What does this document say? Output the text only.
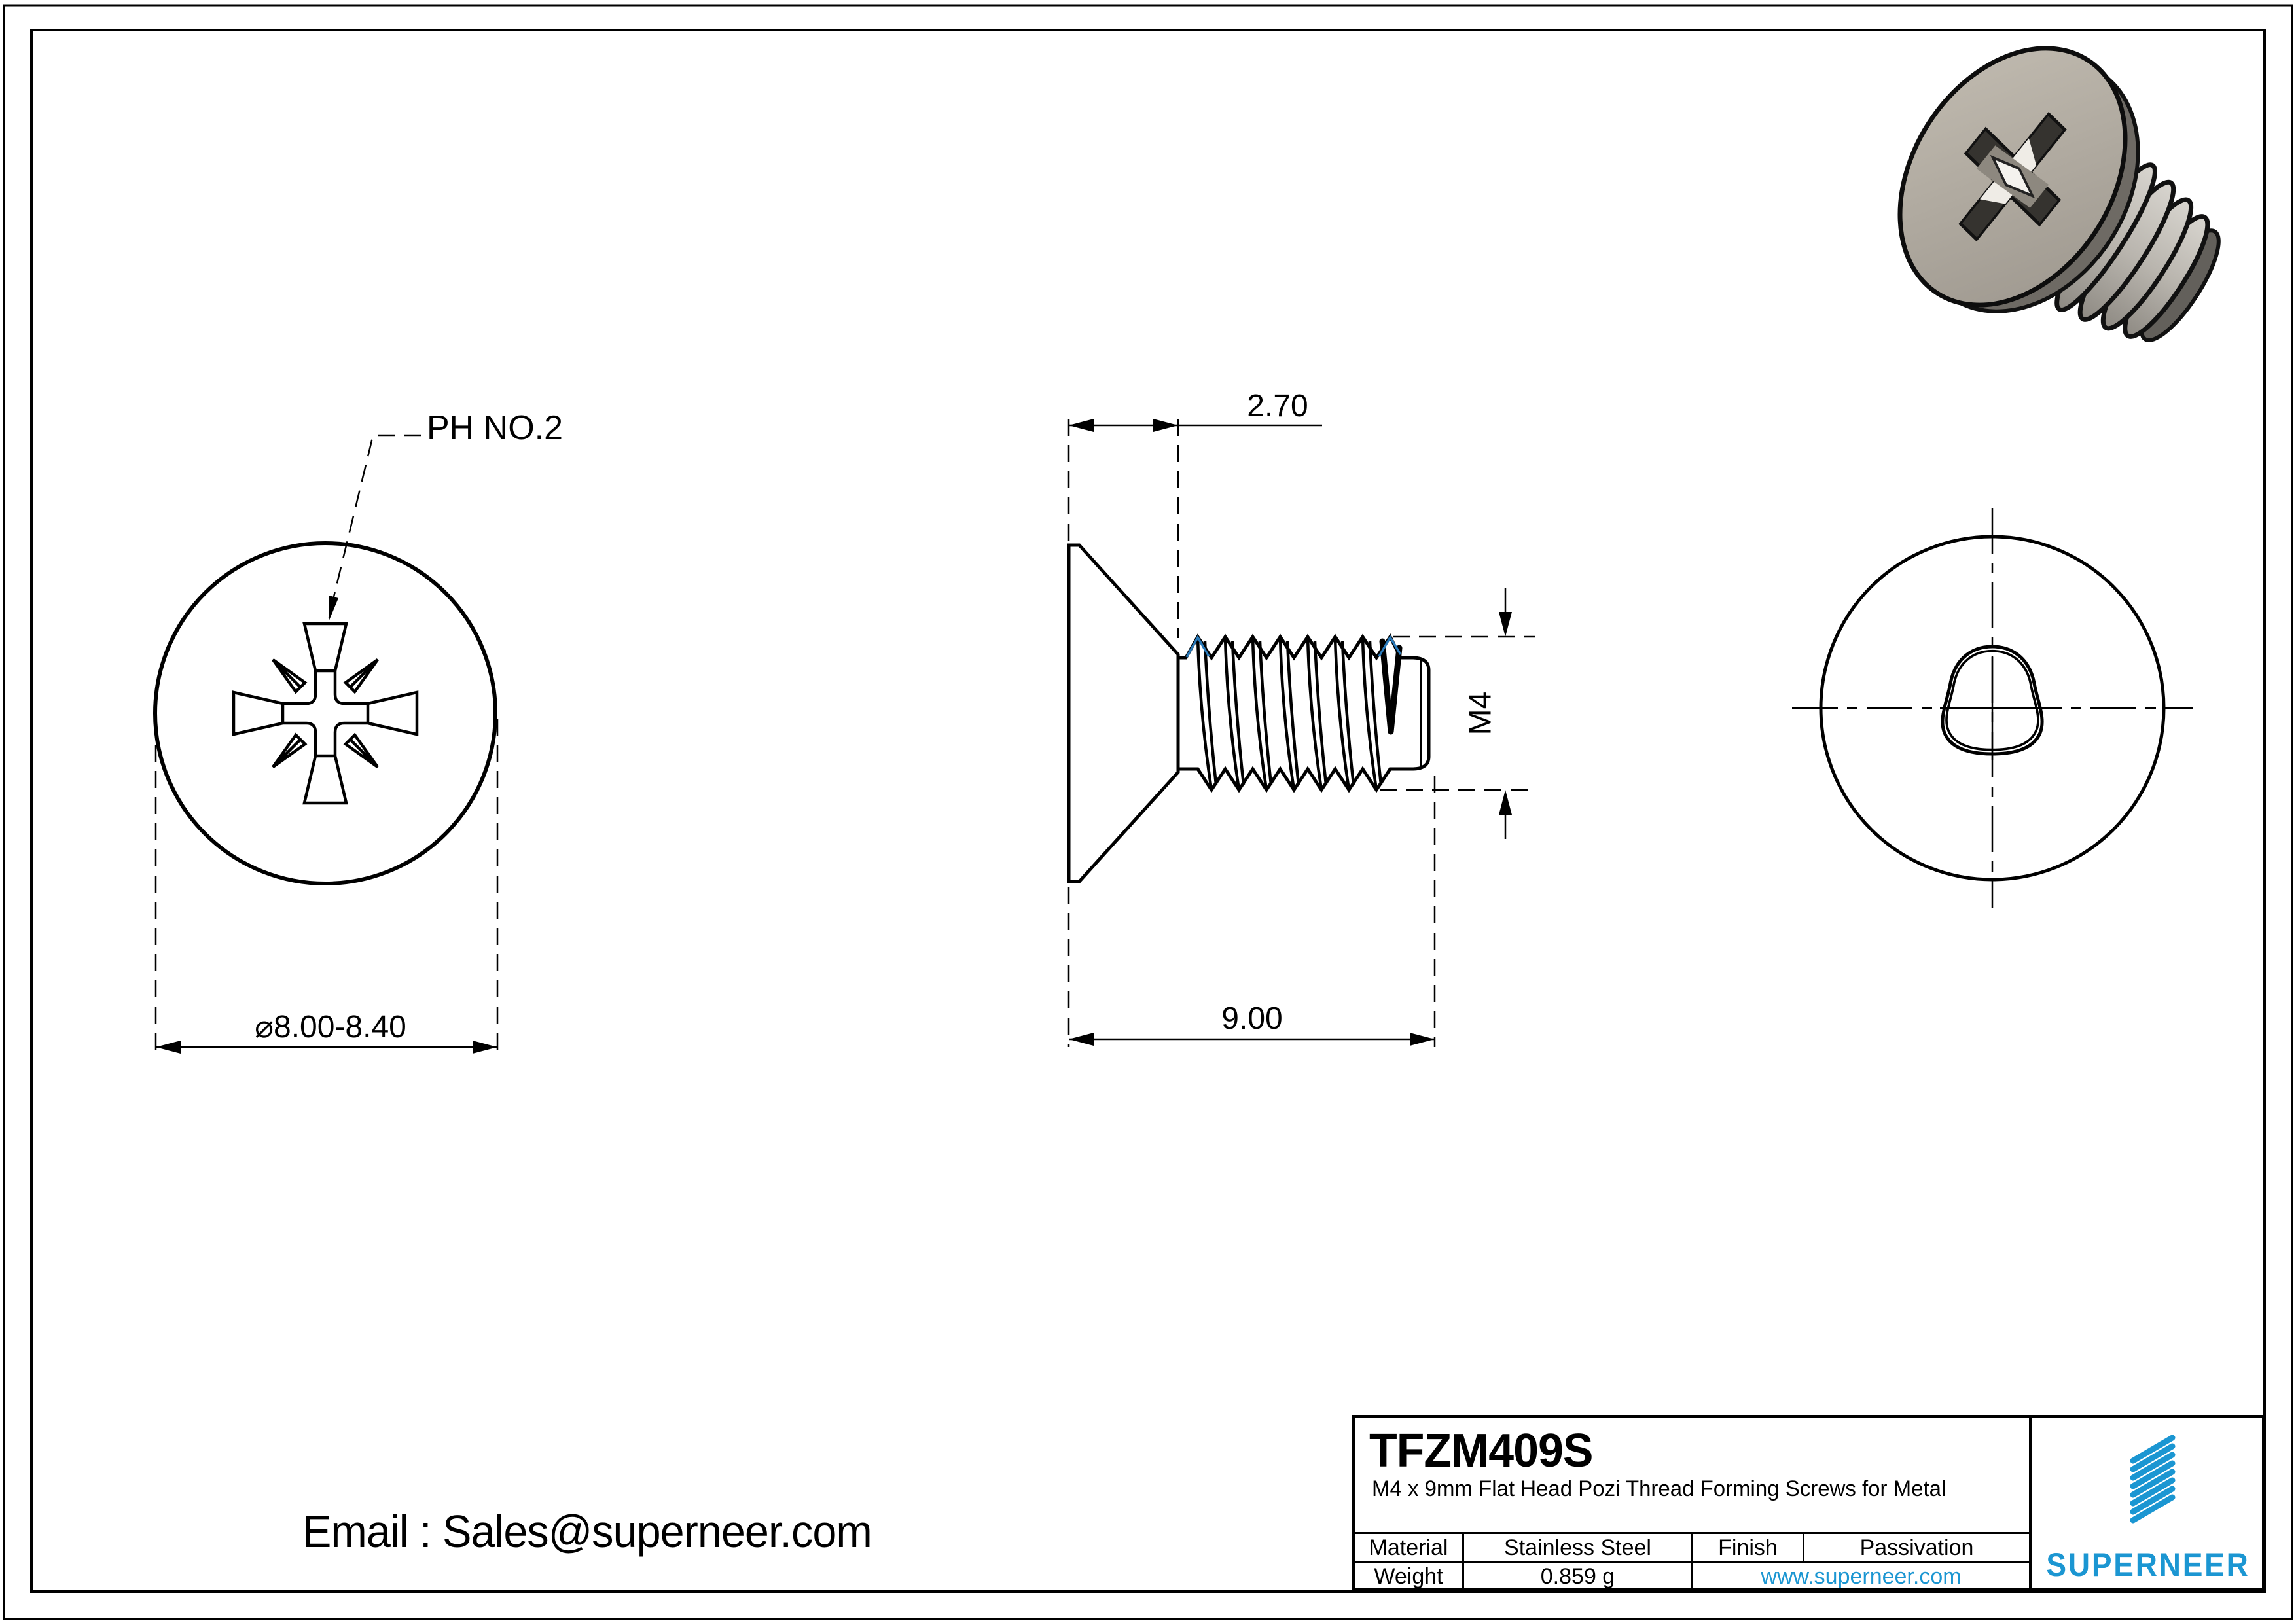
PH NO.2
⌀8.00-8.40
2.70
9.00
M4
TFZM409S
M4 x 9mm Flat Head Pozi Thread Forming Screws for Metal
Material	Stainless Steel	Finish	Passivation
Weight	0.859 g	www.superneer.com	SUPERNEER
Email : Sales@superneer.com
